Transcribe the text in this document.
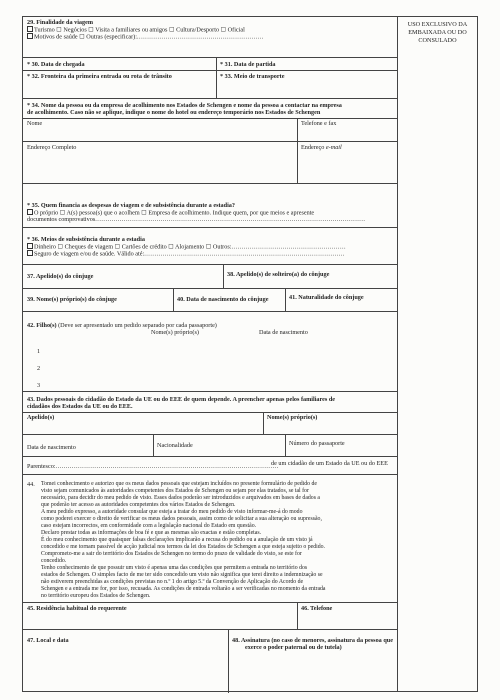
USO EXCLUSIVO DA
EMBAIXADA OU DO
CONSULADO
29. Finalidade da viagem
Turismo ☐ Negócios ☐ Visita a familiares ou amigos ☐ Cultura/Desporto ☐ Oficial
Motivos de saúde ☐ Outras (especificar):..............................................................
* 30. Data de chegada	* 31. Data de partida
* 32. Fronteira da primeira entrada ou rota de trânsito	* 33. Meio de transporte
* 34. Nome da pessoa ou da empresa de acolhimento nos Estados de Schengen e nome da pessoa a contactar na empresa
de acolhimento. Caso não se aplique, indique o nome do hotel ou endereço temporário nos Estados de Schengen
Nome	Telefone e fax
Endereço Completo	Endereço e-mail
* 35. Quem financia as despesas de viagem e de subsistência durante a estadia?
O próprio ☐ A(s) pessoa(s) que o acolhem ☐ Empresa de acolhimento. Indique quem, por que meios e apresente
documentos comprovativos....................................................................................................................................
* 36. Meios de subsistência durante a estadia
Dinheiro ☐ Cheques de viagem ☐ Cartões de crédito ☐ Alojamento ☐ Outros:........................................................
Seguro de viagem e/ou de saúde. Válido até:..................................................................................................
37. Apelido(s) do cônjuge	38. Apelido(s) de solteiro(a) do cônjuge
39. Nome(s) próprio(s) do cônjuge	40. Data de nascimento do cônjuge	41. Naturalidade do cônjuge
42. Filho(s) (Deve ser apresentado um pedido separado por cada passaporte)
Nome(s) próprio(s)	Data de nascimento
1
2
3
43. Dados pessoais do cidadão do Estado da UE ou do EEE de quem depende. A preencher apenas pelos familiares de
cidadãos dos Estados da UE ou do EEE.
Apelido(s)	Nome(s) próprio(s)
Data de nascimento	Nacionalidade	Número do passaporte
Parentesco:.............................................................................................................
de um cidadão de um Estado da UE ou do EEE
44. Tomei conhecimento e autorizo que os meus dados pessoais que estejam incluídos no presente formulário de pedido de
visto sejam comunicados às autoridades competentes dos Estados de Schengen ou sejam por elas tratados, se tal for
necessário, para decidir do meu pedido de visto. Esses dados poderão ser introduzidos e arquivados em bases de dados a
que poderão ter acesso as autoridades competentes dos vários Estados de Schengen.
A meu pedido expresso, a autoridade consular que esteja a tratar do meu pedido de visto informar-me-á do modo
como poderei exercer o direito de verificar os meus dados pessoais, assim como de solicitar a sua alteração ou supressão,
caso estejam incorrectos, em conformidade com a legislação nacional do Estado em questão.
Declaro prestar todas as informações de boa fé e que as mesmas são exactas e estão completas.
É do meu conhecimento que quaisquer falsas declarações implicarão a recusa do pedido ou a anulação de um visto já
concedido e me tornam passível de acção judicial nos termos da lei dos Estados de Schengen a que esteja sujeito o pedido.
Comprometo-me a sair do território dos Estados de Schengen no termo do prazo de validade do visto, se este for
concedido.
Tenho conhecimento de que possuir um visto é apenas uma das condições que permitem a entrada no território dos
estados de Schengen. O simples facto de me ter sido concedido um visto não significa que terei direito a indemnização se
não estiverem preenchidas as condições previstas no n.º 1 do artigo 5.º da Convenção de Aplicação do Acordo de
Schengen e a entrada me for, por isso, recusada. As condições de entrada voltarão a ser verificadas no momento da entrada
no território europeu dos Estados de Schengen.
45. Residência habitual do requerente	46. Telefone
47. Local e data	48. Assinatura (no caso de menores, assinatura da pessoa que
exerce o poder paternal ou de tutela)
